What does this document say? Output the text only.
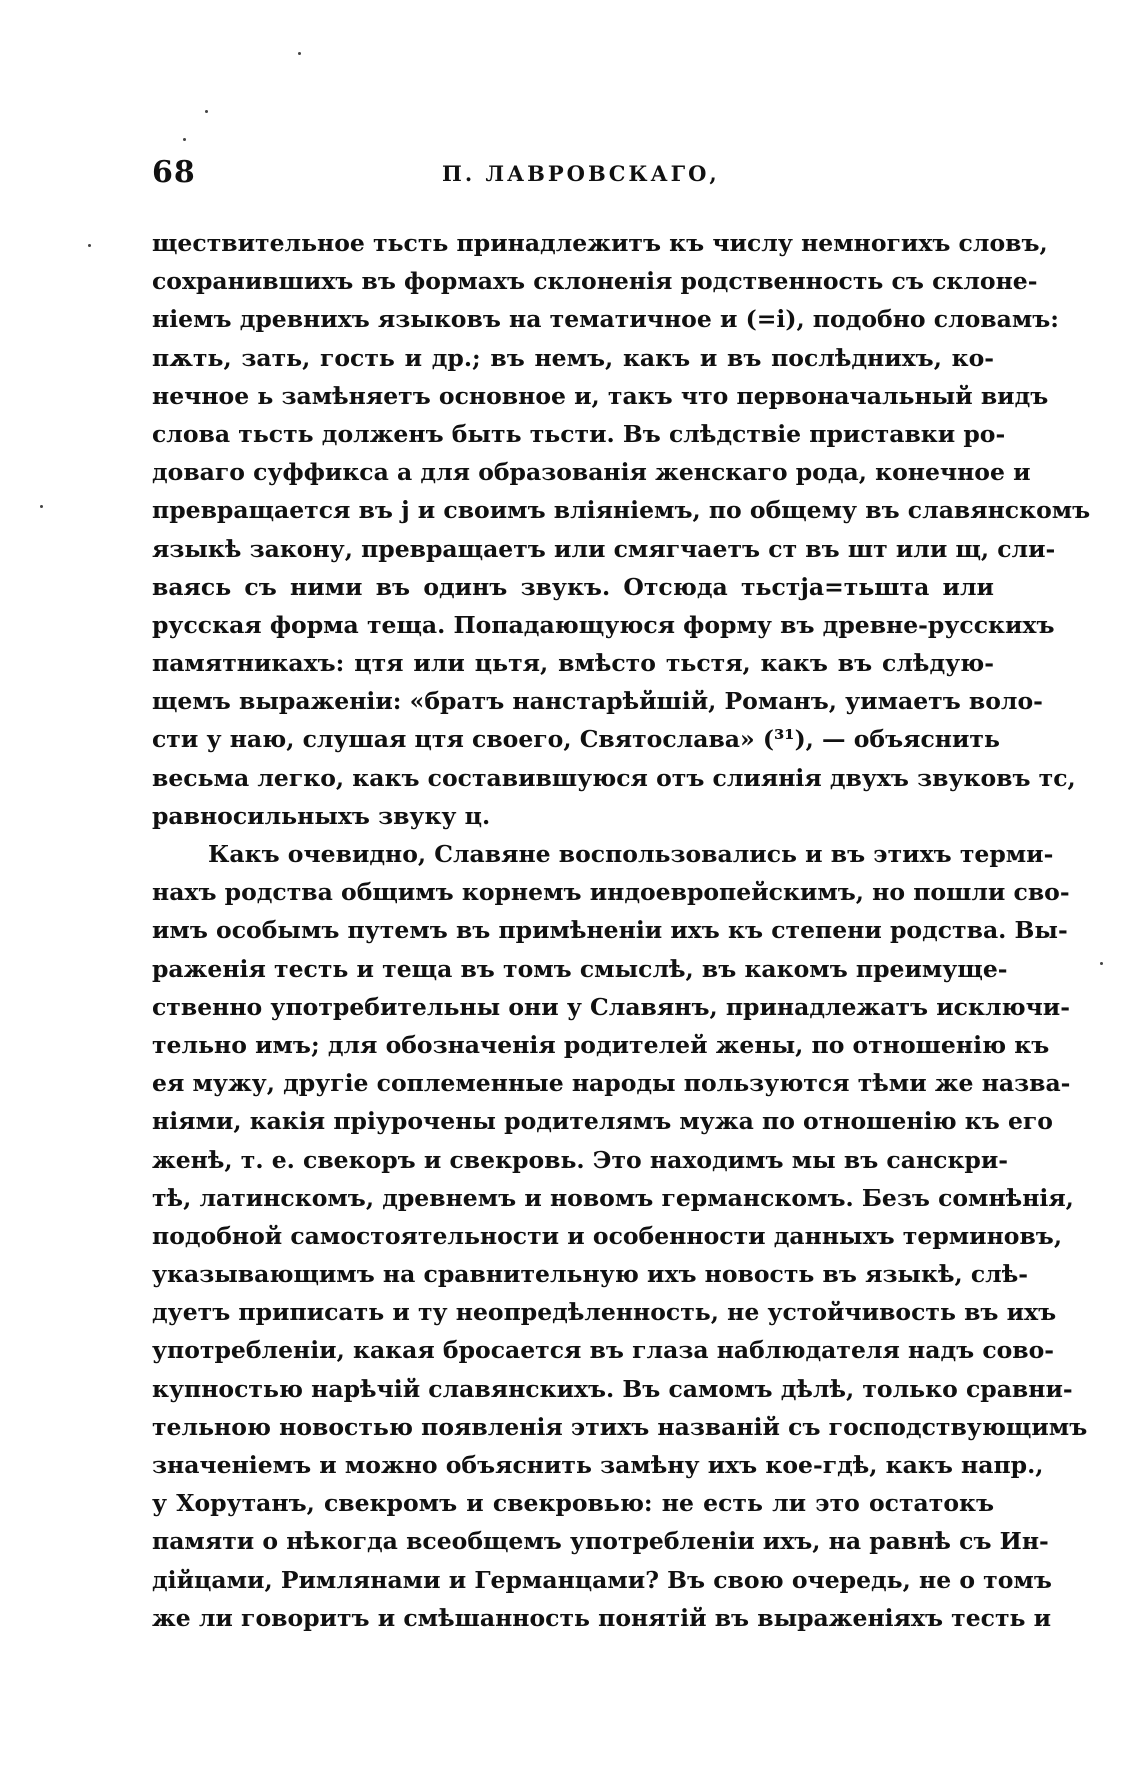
68	П. ЛАВРОВСКАГО,
ществительное тьсть принадлежитъ къ числу немногихъ словъ,
сохранившихъ въ формахъ склоненія родственность съ склоне-
ніемъ древнихъ языковъ на тематичное и (=i), подобно словамъ:
пѫть, зать, гость и др.; въ немъ, какъ и въ послѣднихъ, ко-
нечное ь замѣняетъ основное и, такъ что первоначальный видъ
слова тьсть долженъ быть тьсти. Въ слѣдствіе приставки ро-
доваго суффикса а для образованія женскаго рода, конечное и
превращается въ j и своимъ вліяніемъ, по общему въ славянскомъ
языкѣ закону, превращаетъ или смягчаетъ ст въ шт или щ, сли-
ваясь съ ними въ одинъ звукъ. Отсюда тьстја=тьшта или
русская форма теща. Попадающуюся форму въ древне-русскихъ
памятникахъ: цтя или цьтя, вмѣсто тьстя, какъ въ слѣдую-
щемъ выраженіи: «братъ нанстарѣйшій, Романъ, уимаетъ воло-
сти у наю, слушая цтя своего, Святослава» (³¹), — объяснить
весьма легко, какъ составившуюся отъ слиянія двухъ звуковъ тс,
равносильныхъ звуку ц.
Какъ очевидно, Славяне воспользовались и въ этихъ терми-
нахъ родства общимъ корнемъ индоевропейскимъ, но пошли сво-
имъ особымъ путемъ въ примѣненіи ихъ къ степени родства. Вы-
раженія тесть и теща въ томъ смыслѣ, въ какомъ преимуще-
ственно употребительны они у Славянъ, принадлежатъ исключи-
тельно имъ; для обозначенія родителей жены, по отношенію къ
ея мужу, другіе соплеменные народы пользуются тѣми же назва-
ніями, какія пріурочены родителямъ мужа по отношенію къ его
женѣ, т. е. свекоръ и свекровь. Это находимъ мы въ санскри-
тѣ, латинскомъ, древнемъ и новомъ германскомъ. Безъ сомнѣнія,
подобной самостоятельности и особенности данныхъ терминовъ,
указывающимъ на сравнительную ихъ новость въ языкѣ, слѣ-
дуетъ приписать и ту неопредѣленность, не устойчивость въ ихъ
употребленіи, какая бросается въ глаза наблюдателя надъ сово-
купностью нарѣчій славянскихъ. Въ самомъ дѣлѣ, только сравни-
тельною новостью появленія этихъ названій съ господствующимъ
значеніемъ и можно объяснить замѣну ихъ кое-гдѣ, какъ напр.,
у Хорутанъ, свекромъ и свекровью: не есть ли это остатокъ
памяти о нѣкогда всеобщемъ употребленіи ихъ, на равнѣ съ Ин-
дійцами, Римлянами и Германцами? Въ свою очередь, не о томъ
же ли говоритъ и смѣшанность понятій въ выраженіяхъ тесть и
